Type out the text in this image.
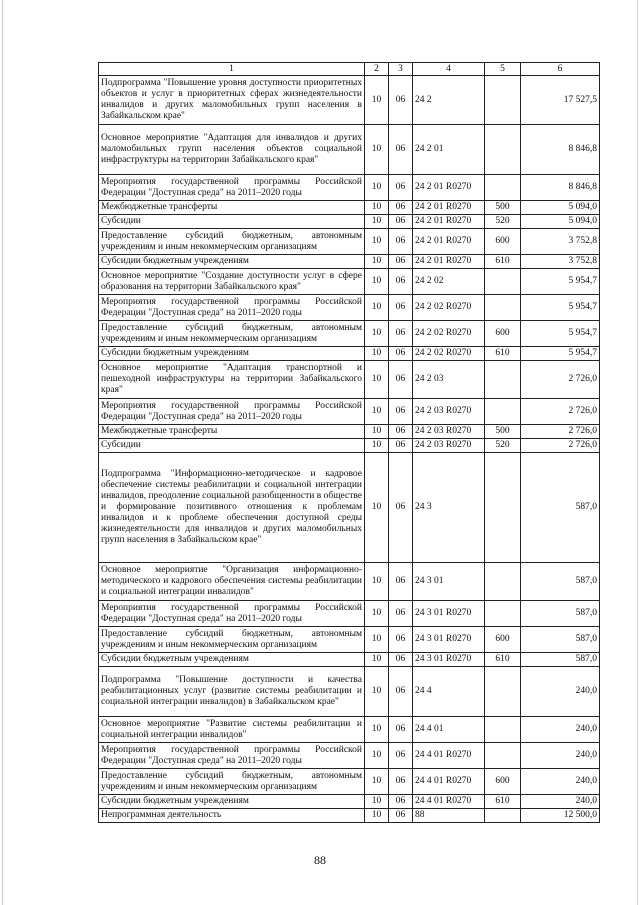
1	2	3	4	5	6
Подпрограмма "Повышение уровня доступности приоритетных объектов и услуг в приоритетных сферах жизнедеятельности инвалидов и других маломобильных групп населения в Забайкальском крае"	10	06	24 2		17 527,5
Основное мероприятие "Адаптация для инвалидов и других маломобильных групп населения объектов социальной инфраструктуры на территории Забайкальского края"	10	06	24 2 01		8 846,8
Мероприятия государственной программы Российской Федерации "Доступная среда" на 2011–2020 годы	10	06	24 2 01 R0270		8 846,8
Межбюджетные трансферты	10	06	24 2 01 R0270	500	5 094,0
Субсидии	10	06	24 2 01 R0270	520	5 094,0
Предоставление субсидий бюджетным, автономным учреждениям и иным некоммерческим организациям	10	06	24 2 01 R0270	600	3 752,8
Субсидии бюджетным учреждениям	10	06	24 2 01 R0270	610	3 752,8
Основное мероприятие "Создание доступности услуг в сфере образования на территории Забайкальского края"	10	06	24 2 02		5 954,7
Мероприятия государственной программы Российской Федерации "Доступная среда" на 2011–2020 годы	10	06	24 2 02 R0270		5 954,7
Предоставление субсидий бюджетным, автономным учреждениям и иным некоммерческим организациям	10	06	24 2 02 R0270	600	5 954,7
Субсидии бюджетным учреждениям	10	06	24 2 02 R0270	610	5 954,7
Основное мероприятие "Адаптация транспортной и пешеходной инфраструктуры на территории Забайкальского края"	10	06	24 2 03		2 726,0
Мероприятия государственной программы Российской Федерации "Доступная среда" на 2011–2020 годы	10	06	24 2 03 R0270		2 726,0
Межбюджетные трансферты	10	06	24 2 03 R0270	500	2 726,0
Субсидии	10	06	24 2 03 R0270	520	2 726,0
Подпрограмма "Информационно-методическое и кадровое обеспечение системы реабилитации и социальной интеграции инвалидов, преодоление социальной разобщенности в обществе и формирование позитивного отношения к проблемам инвалидов и к проблеме обеспечения доступной среды жизнедеятельности для инвалидов и других маломобильных групп населения в Забайкальском крае"	10	06	24 3		587,0
Основное мероприятие "Организация информационно-методического и кадрового обеспечения системы реабилитации и социальной интеграции инвалидов"	10	06	24 3 01		587,0
Мероприятия государственной программы Российской Федерации "Доступная среда" на 2011–2020 годы	10	06	24 3 01 R0270		587,0
Предоставление субсидий бюджетным, автономным учреждениям и иным некоммерческим организациям	10	06	24 3 01 R0270	600	587,0
Субсидии бюджетным учреждениям	10	06	24 3 01 R0270	610	587,0
Подпрограмма "Повышение доступности и качества реабилитационных услуг (развитие системы реабилитации и социальной интеграции инвалидов) в Забайкальском крае"	10	06	24 4		240,0
Основное мероприятие "Развитие системы реабилитации и социальной интеграции инвалидов"	10	06	24 4 01		240,0
Мероприятия государственной программы Российской Федерации "Доступная среда" на 2011–2020 годы	10	06	24 4 01 R0270		240,0
Предоставление субсидий бюджетным, автономным учреждениям и иным некоммерческим организациям	10	06	24 4 01 R0270	600	240,0
Субсидии бюджетным учреждениям	10	06	24 4 01 R0270	610	240,0
Непрограммная деятельность	10	06	88		12 500,0
88
